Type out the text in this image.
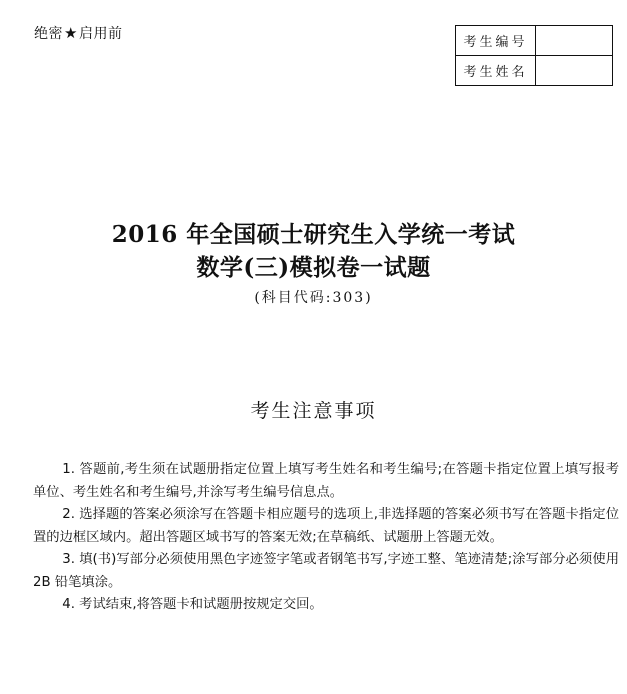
绝密 ★ 启用前
考生编号	
考生姓名	
2016 年全国硕士研究生入学统一考试
数学(三)模拟卷一试题
(科目代码:303)
考生注意事项

1. 答题前,考生须在试题册指定位置上填写考生姓名和考生编号;在答题卡指定位置上填写报考单位、考生姓名和考生编号,并涂写考生编号信息点。

2. 选择题的答案必须涂写在答题卡相应题号的选项上,非选择题的答案必须书写在答题卡指定位置的边框区域内。超出答题区域书写的答案无效;在草稿纸、试题册上答题无效。

3. 填(书)写部分必须使用黑色字迹签字笔或者钢笔书写,字迹工整、笔迹清楚;涂写部分必须使用 2B 铅笔填涂。

4. 考试结束,将答题卡和试题册按规定交回。
